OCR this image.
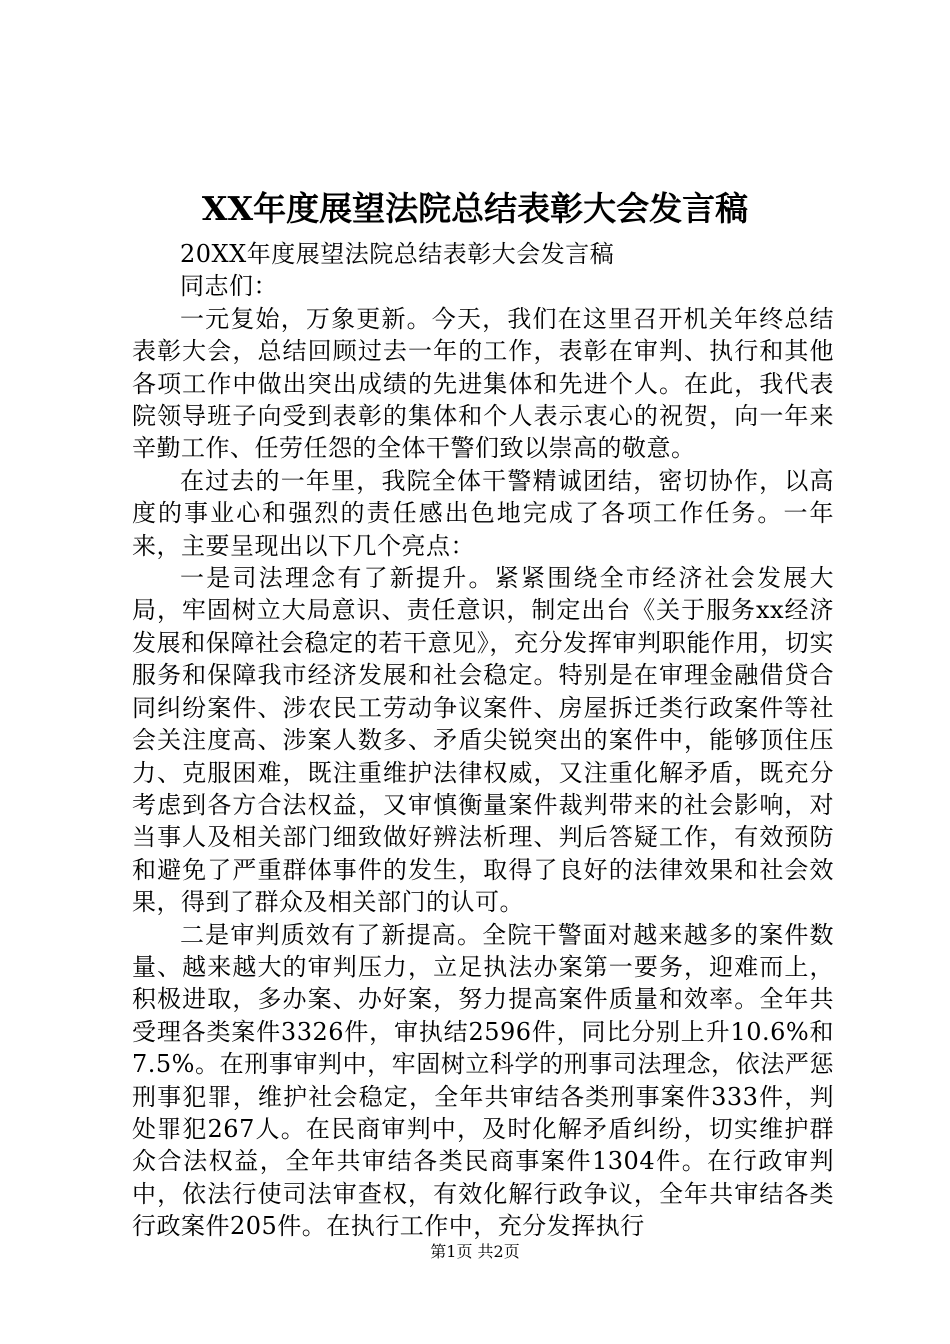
XX年度展望法院总结表彰大会发言稿

20XX年度展望法院总结表彰大会发言稿

同志们：

一元复始，万象更新。今天，我们在这里召开机关年终总结表彰大会，总结回顾过去一年的工作，表彰在审判、执行和其他各项工作中做出突出成绩的先进集体和先进个人。在此，我代表院领导班子向受到表彰的集体和个人表示衷心的祝贺，向一年来辛勤工作、任劳任怨的全体干警们致以崇高的敬意。

在过去的一年里，我院全体干警精诚团结，密切协作，以高度的事业心和强烈的责任感出色地完成了各项工作任务。一年来，主要呈现出以下几个亮点：

一是司法理念有了新提升。紧紧围绕全市经济社会发展大局，牢固树立大局意识、责任意识，制定出台《关于服务xx经济发展和保障社会稳定的若干意见》，充分发挥审判职能作用，切实服务和保障我市经济发展和社会稳定。特别是在审理金融借贷合同纠纷案件、涉农民工劳动争议案件、房屋拆迁类行政案件等社会关注度高、涉案人数多、矛盾尖锐突出的案件中，能够顶住压力、克服困难，既注重维护法律权威，又注重化解矛盾，既充分考虑到各方合法权益，又审慎衡量案件裁判带来的社会影响，对当事人及相关部门细致做好辨法析理、判后答疑工作，有效预防和避免了严重群体事件的发生，取得了良好的法律效果和社会效果，得到了群众及相关部门的认可。

二是审判质效有了新提高。全院干警面对越来越多的案件数量、越来越大的审判压力，立足执法办案第一要务，迎难而上，积极进取，多办案、办好案，努力提高案件质量和效率。全年共受理各类案件3326件，审执结2596件，同比分别上升10.6%和7.5%。在刑事审判中，牢固树立科学的刑事司法理念，依法严惩刑事犯罪，维护社会稳定，全年共审结各类刑事案件333件，判处罪犯267人。在民商审判中，及时化解矛盾纠纷，切实维护群众合法权益，全年共审结各类民商事案件1304件。在行政审判中，依法行使司法审查权，有效化解行政争议，全年共审结各类行政案件205件。在执行工作中，充分发挥执行

第1页 共2页
